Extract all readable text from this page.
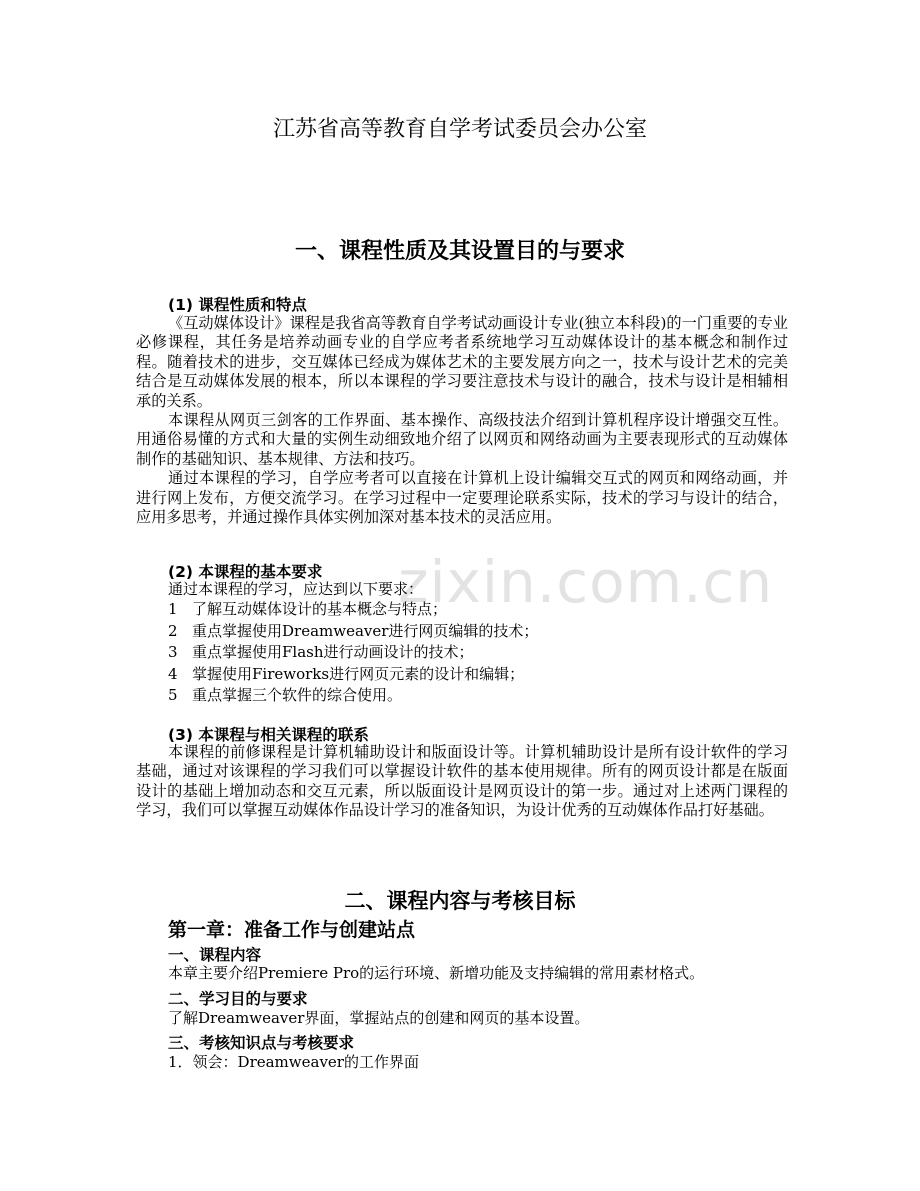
zixin.com.cn
江苏省高等教育自学考试委员会办公室
一、课程性质及其设置目的与要求
(1) 课程性质和特点
《互动媒体设计》课程是我省高等教育自学考试动画设计专业(独立本科段)的一门重要的专业必修课程，其任务是培养动画专业的自学应考者系统地学习互动媒体设计的基本概念和制作过程。随着技术的进步，交互媒体已经成为媒体艺术的主要发展方向之一，技术与设计艺术的完美结合是互动媒体发展的根本，所以本课程的学习要注意技术与设计的融合，技术与设计是相辅相承的关系。
本课程从网页三剑客的工作界面、基本操作、高级技法介绍到计算机程序设计增强交互性。用通俗易懂的方式和大量的实例生动细致地介绍了以网页和网络动画为主要表现形式的互动媒体制作的基础知识、基本规律、方法和技巧。
通过本课程的学习，自学应考者可以直接在计算机上设计编辑交互式的网页和网络动画，并进行网上发布，方便交流学习。在学习过程中一定要理论联系实际，技术的学习与设计的结合，应用多思考，并通过操作具体实例加深对基本技术的灵活应用。
(2) 本课程的基本要求
通过本课程的学习，应达到以下要求：
1 了解互动媒体设计的基本概念与特点；
2 重点掌握使用Dreamweaver进行网页编辑的技术；
3 重点掌握使用Flash进行动画设计的技术；
4 掌握使用Fireworks进行网页元素的设计和编辑；
5 重点掌握三个软件的综合使用。
(3) 本课程与相关课程的联系
本课程的前修课程是计算机辅助设计和版面设计等。计算机辅助设计是所有设计软件的学习基础，通过对该课程的学习我们可以掌握设计软件的基本使用规律。所有的网页设计都是在版面设计的基础上增加动态和交互元素，所以版面设计是网页设计的第一步。通过对上述两门课程的学习，我们可以掌握互动媒体作品设计学习的准备知识，为设计优秀的互动媒体作品打好基础。
二、课程内容与考核目标
第一章：准备工作与创建站点
一、课程内容
本章主要介绍Premiere Pro的运行环境、新增功能及支持编辑的常用素材格式。
二、学习目的与要求
了解Dreamweaver界面，掌握站点的创建和网页的基本设置。
三、考核知识点与考核要求
1．领会：Dreamweaver的工作界面
